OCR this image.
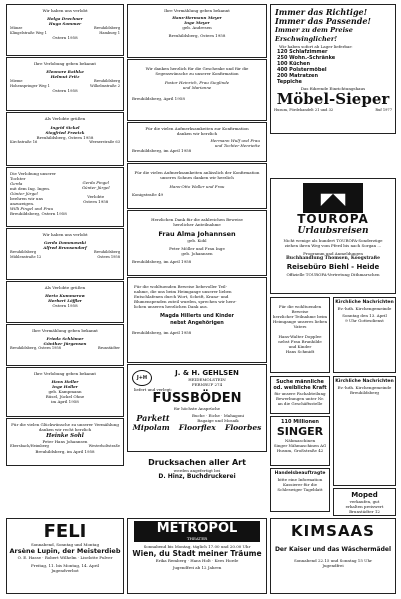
Wir haben uns verlobt
Helga Drechner
Hugo Sommer
Münze	Breuhildsberg
Klingelstraße Weg 1	Hamburg 1
Ostern 1958
Ihre Verlobung geben bekannt
Eleonore Rathke
Helmut Fritz
Mieme	Breuhildsberg
Hohenspringer Weg 1	Wilhelmstraße 2
Ostern 1958
Als Verlobte grüßen
Ingrid Sickel
Siegfried Preetzk
Breuhildsberg, Ostern 1958
Kirchstraße 16	Wernerstraße 63
Die Verlobung unserer Tochter
Gerda
mit dem Ing. Ingen.
Günter Jürgel
beehren wir uns anzuzeigen.
Willi Pingel und Frau
Breuhildsberg, Ostern 1958
Gerda Pingel
Günter Jürgel
Verlobte
Ostern 1958
Wir haben uns verlobt
Gerda Dommowski
Alfred Brunsendorf
Breuhildsberg	Breuhildsberg
Mühlenstraße 12	Ostern 1958
Als Verlobte grüßen
Herta Kummerow
Herbert Löffler
Ostern 1958
Ihre Vermählung geben bekannt
Frieda Schlömer
Günther Jürgensen
Breuhildsberg, Ostern 1958	Brunstädter
Ihre Verlobung geben bekannt
Hans Holler
Inge Holler
geb. Kampmann
Rüsel, Jückel Ohne
im April 1958
Für die vielen Glückwünsche zu unserer Vermählung
danken wir recht herzlich
Heinke Sohl
Peter Hans Johannsen
Ebersbach/Heimberg	Westerholtstraße
Breuhildsberg, im April 1958
Ihre Vermählung geben bekannt
Hans-Hermann Meyer
Inge Meyer
geb. Andresen
Breuhildsberg, Ostern 1958
Wir danken herzlich für die Geschenke und für die
Segenswünsche zu unserer Konfirmation
Pastor Heinrich, Frau Sieglinde
und Marianne
Breuhildsberg, April 1958
Für die vielen Aufmerksamkeiten zur Konfirmation
danken wir herzlich
Hermann Wulf und Frau
und Tochter Henriette
Breuhildsberg, im April 1958
Für die vielen Aufmerksamkeiten anlässlich der Konfirmation
unseres Sohnes danken wir herzlich
Hans-Otto Waller und Frau
Konigstraße 49
Herzlichen Dank für die zahlreichen Beweise
herzlicher Anteilnahme
Frau Alma Johannsen
geb. Kohl
Peter Möller und Frau Inge
geb. Johannsen
Breuhildsberg, im April 1958
Für die wohltuenden Beweise liebevoller Teil-
nahme, die uns beim Heimgange unserer lieben
Entschlafenen durch Wort, Schrift, Kranz- und
Blumenspenden zuteil wurden, sprechen wir herz-
lichen unseren herzlichen Dank aus.
Magda Hillerts und Kinder
nebst Angehörigen
Breuhildsberg, im April 1958
J+H
J. & H. GEHLSEN
HEIDEMOLSTEIN
FERNRUF 274
liefert und verlegt:
FUSSBÖDEN
für höchste Ansprüche
Parkett	Buche · Eiche · Mahagoni
Bagaige und Mosaik
Mipolam Floorflex Floorbes
Drucksachen aller Art
werden angefertigt bei
D. Hinz, Buchdruckerei
Immer das Richtige!
Immer das Passende!
Immer zu dem Preise Erschwinglicher!
Wir haben sofort ab Lager lieferbar:
120 Schlafzimmer
250 Wohn.-Schränke
100 Küchen
400 Polstermöbel
200 Matratzen
Teppiche
Das führende Einrichtungshaus
Möbel-Sieper
Husum, Fördehandelt 21 und 32	Ruf 1977
◤◥
TOUROPA
Urlaubsreisen
Nicht wenige als hundert TOUROPA-Sonderzüge
ziehen ihren Weg vom Pferd bis nach Sorgan ...
Programm und Anmeldungen
Buchhandlung Thomsen, Koogstraße
Reisebüro Biehl - Heide
Offizielle TOUROPA-Vertretung Dithmarschen
Für die wohltuenden Beweise
herzlicher Teilnahme beim
Heimgange unseres lieben Vaters
Hans-Walter Dopplee
nebst Frau Brunhilde
und Kinder
Hans Schmidt
Kirchliche Nachrichten
Ev.-luth. Kirchengemeinde
Sonntag den 13. April
9 Uhr Gottesdienst
Suche männliche
od. weibliche Kraft
für unsere Fachabteilung
Bewerbungen unter Nr.
an die Geschäftsstelle
Kirchliche Nachrichten
Ev.-luth. Kirchengemeinde
Breuhildsberg
110 Millionen
SINGER
Nähmaschinen
Singer Nähmaschinen AG
Husum, Großstraße 42
Handelsbeauftragte
bitte eine Information
Kassierer für die
Schleswiger Tageblatt
Moped
verkaufen, gut
erhalten preiswert
Brunstädter 12
FELI
Sonnabend, Sonntag und Montag
Arsène Lupin, der Meisterdieb
O. E. Hasse · Robert Wilhelm · Liselotte Pulver
Freitag, 11. bis Montag, 14. April
Jugendverbot
METROPOL
THEATER
Sonnabend bis Montag, täglich 17.00 und 20.00 Uhr
Wien, du Stadt meiner Träume
Erika Remberg · Hans Holt · Kees Horde
Jugendfrei ab 12 Jahren
KIMSAAS
Der Kaiser und das Wäschermädel
Sonnabend 22.15 und Sonntag 15 Uhr
Jugendfrei
